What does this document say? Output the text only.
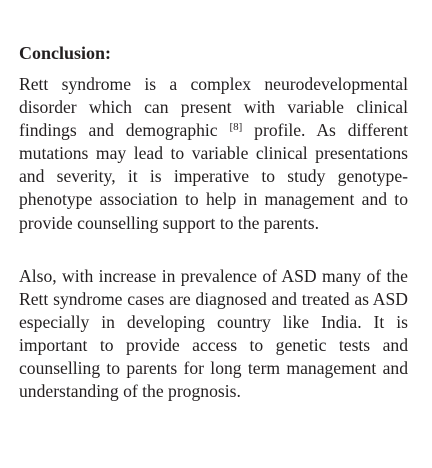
Conclusion:

Rett syndrome is a complex neurodevelopmental disorder which can present with variable clinical findings and demographic [8] profile. As different mutations may lead to variable clinical presentations and severity, it is imperative to study genotype-phenotype association to help in management and to provide counselling support to the parents.

Also, with increase in prevalence of ASD many of the Rett syndrome cases are diagnosed and treated as ASD especially in developing country like India. It is important to provide access to genetic tests and counselling to parents for long term management and understanding of the prognosis.
